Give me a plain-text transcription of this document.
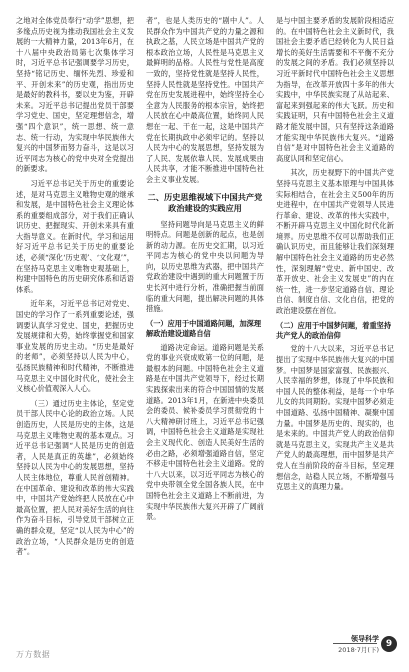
之地对全体党员奉行“动学”思想，把多缘点历史视为推动我国社会主义发展的一大精神力量，2013年6月，在十八届中央政治局第七次集体学习时，习近平总书记强调要学习历史，坚持“铭记历史、缅怀先烈、珍爱和平、开创未来”的历史观，指出历史是最好的教科书，要以史为鉴，开辟未来。习近平总书记提出党员干部要学习党史、国史，坚定理想信念，增强“四个意识”，统一思想、统一意志、统一行动，为实现中华民族伟大复兴的中国梦而努力奋斗，这是以习近平同志为核心的党中央对全党提出的新要求。

习近平总书记关于历史的重要论述，是对马克思主义唯物史观的继承和发展，是中国特色社会主义理论体系的重要组成部分，对于我们正确认识历史、把握现实、开创未来具有重大指导意义。在新时代，学习和运用好习近平总书记关于历史的重要论述，必须“深化‘历史观’、‘文化观’”，在坚持马克思主义唯物史观基础上，构建中国特色的历史研究体系和话语体系。

近年来，习近平总书记对党史、国史的学习作了一系列重要论述，强调要认真学习党史、国史，把握历史发展规律和大势，始终掌握党和国家事业发展的历史主动。“历史是最好的老师”，必须坚持以人民为中心，弘扬民族精神和时代精神，不断推进马克思主义中国化时代化，使社会主义核心价值观深入人心。

（三）通过历史主体论，坚定党员干部人民中心论的政治立场。人民创造历史，人民是历史的主体，这是马克思主义唯物史观的基本观点。习近平总书记强调“人民是历史的创造者，人民是真正的英雄”，必须始终坚持以人民为中心的发展思想，坚持人民主体地位，尊重人民首创精神。在中国革命、建设和改革的伟大实践中，中国共产党始终把人民放在心中最高位置，把人民对美好生活的向往作为奋斗目标，引导党员干部树立正确的群众观，坚定“以人民为中心”的政治立场，“人民群众是历史的创造者”。

者”，也是人类历史的“剧中人”。人民群众作为中国共产党的力量之源和执政之基，人民立场是中国共产党的根本政治立场，人民性是马克思主义最鲜明的品格。人民性与党性是高度一致的，坚持党性就是坚持人民性，坚持人民性就是坚持党性。中国共产党在历史发展进程中，始终坚持全心全意为人民服务的根本宗旨，始终把人民放在心中最高位置，始终同人民想在一起、干在一起，这是中国共产党在长期执政中必须牢记的。坚持以人民为中心的发展思想，坚持发展为了人民、发展依靠人民、发展成果由人民共享，才能不断推进中国特色社会主义事业发展。

二、历史思维视域下中国共产党政治建设的实践应用

坚持问题导向是马克思主义的鲜明特点。问题是创新的起点，也是创新的动力源。在历史交汇期，以习近平同志为核心的党中央以问题为导向，以历史思维为武器，把中国共产党政治建设中遇到的重大问题置于历史长河中进行分析，准确把握当前面临的重大问题，提出解决问题的具体措施。

（一）应用于中国道路问题，加深理解政治建设道路自信

道路决定命运。道路问题是关系党的事业兴衰成败第一位的问题，是最根本的问题。中国特色社会主义道路是在中国共产党领导下，经过长期实践探索出来的符合中国国情的发展道路。2013年1月，在新进中央委员会的委员、候补委员学习贯彻党的十八大精神研讨班上，习近平总书记强调，中国特色社会主义道路是实现社会主义现代化、创造人民美好生活的必由之路，必须增强道路自信，坚定不移走中国特色社会主义道路。党的十八大以来，以习近平同志为核心的党中央带领全党全国各族人民，在中国特色社会主义道路上不断前进，为实现中华民族伟大复兴开辟了广阔前景。

是与中国主要矛盾的发展阶段相适应的。在中国特色社会主义新时代，我国社会主要矛盾已经转化为人民日益增长的美好生活需要和不平衡不充分的发展之间的矛盾。我们必须坚持以习近平新时代中国特色社会主义思想为指导，在改革开放四十多年的伟大实践中，中华民族实现了从站起来、富起来到强起来的伟大飞跃。历史和实践证明，只有中国特色社会主义道路才能发展中国，只有坚持这条道路才能实现中华民族伟大复兴。“道路自信”是对中国特色社会主义道路的高度认同和坚定信心。

其次，历史视野下的中国共产党坚持马克思主义基本原理与中国具体实际相结合，在社会主义500年的历史进程中，在中国共产党领导人民进行革命、建设、改革的伟大实践中，不断开辟马克思主义中国化时代化新境界。历史思维不仅可以帮助我们正确认识历史，而且能够让我们深刻理解中国特色社会主义道路的历史必然性，深刻理解“党史、新中国史、改革开放史、社会主义发展史”的内在统一性，进一步坚定道路自信、理论自信、制度自信、文化自信，把党的政治建设摆在首位。

（二）应用于中国梦问题，着重坚持共产党人的政治信仰

党的十八大以来，习近平总书记提出了实现中华民族伟大复兴的中国梦。中国梦是国家富强、民族振兴、人民幸福的梦想，体现了中华民族和中国人民的整体利益，是每一个中华儿女的共同期盼。实现中国梦必须走中国道路、弘扬中国精神、凝聚中国力量。中国梦是历史的、现实的，也是未来的。中国共产党人的政治信仰就是马克思主义，实现共产主义是共产党人的最高理想，而中国梦是共产党人在当前阶段的奋斗目标，坚定理想信念，站稳人民立场，不断增强马克思主义的真理力量。

万方数据
领导科学
2018·7月(下)
9
